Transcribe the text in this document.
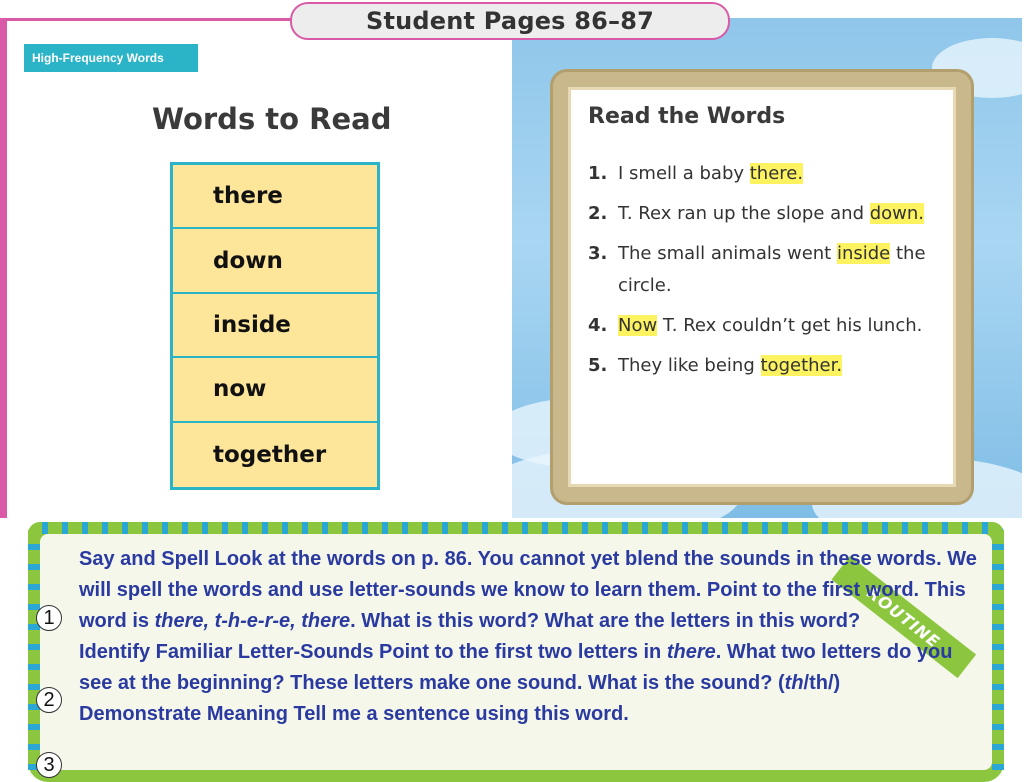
Student Pages 86–87
High-Frequency Words
Words to Read
there
down
inside
now
together
Read the Words
1. I smell a baby there.
2. T. Rex ran up the slope and down.
3. The small animals went inside the circle.
4. Now T. Rex couldn’t get his lunch.
5. They like being together.
ROUTINE
1
2
3

Say and Spell Look at the words on p. 86. You cannot yet blend the sounds in these words. We will spell the words and use letter-sounds we know to learn them. Point to the first word. This word is there, t-h-e-r-e, there. What is this word? What are the letters in this word?

Identify Familiar Letter-Sounds Point to the first two letters in there. What two letters do you see at the beginning? These letters make one sound. What is the sound? (th/th/)

Demonstrate Meaning Tell me a sentence using this word.
